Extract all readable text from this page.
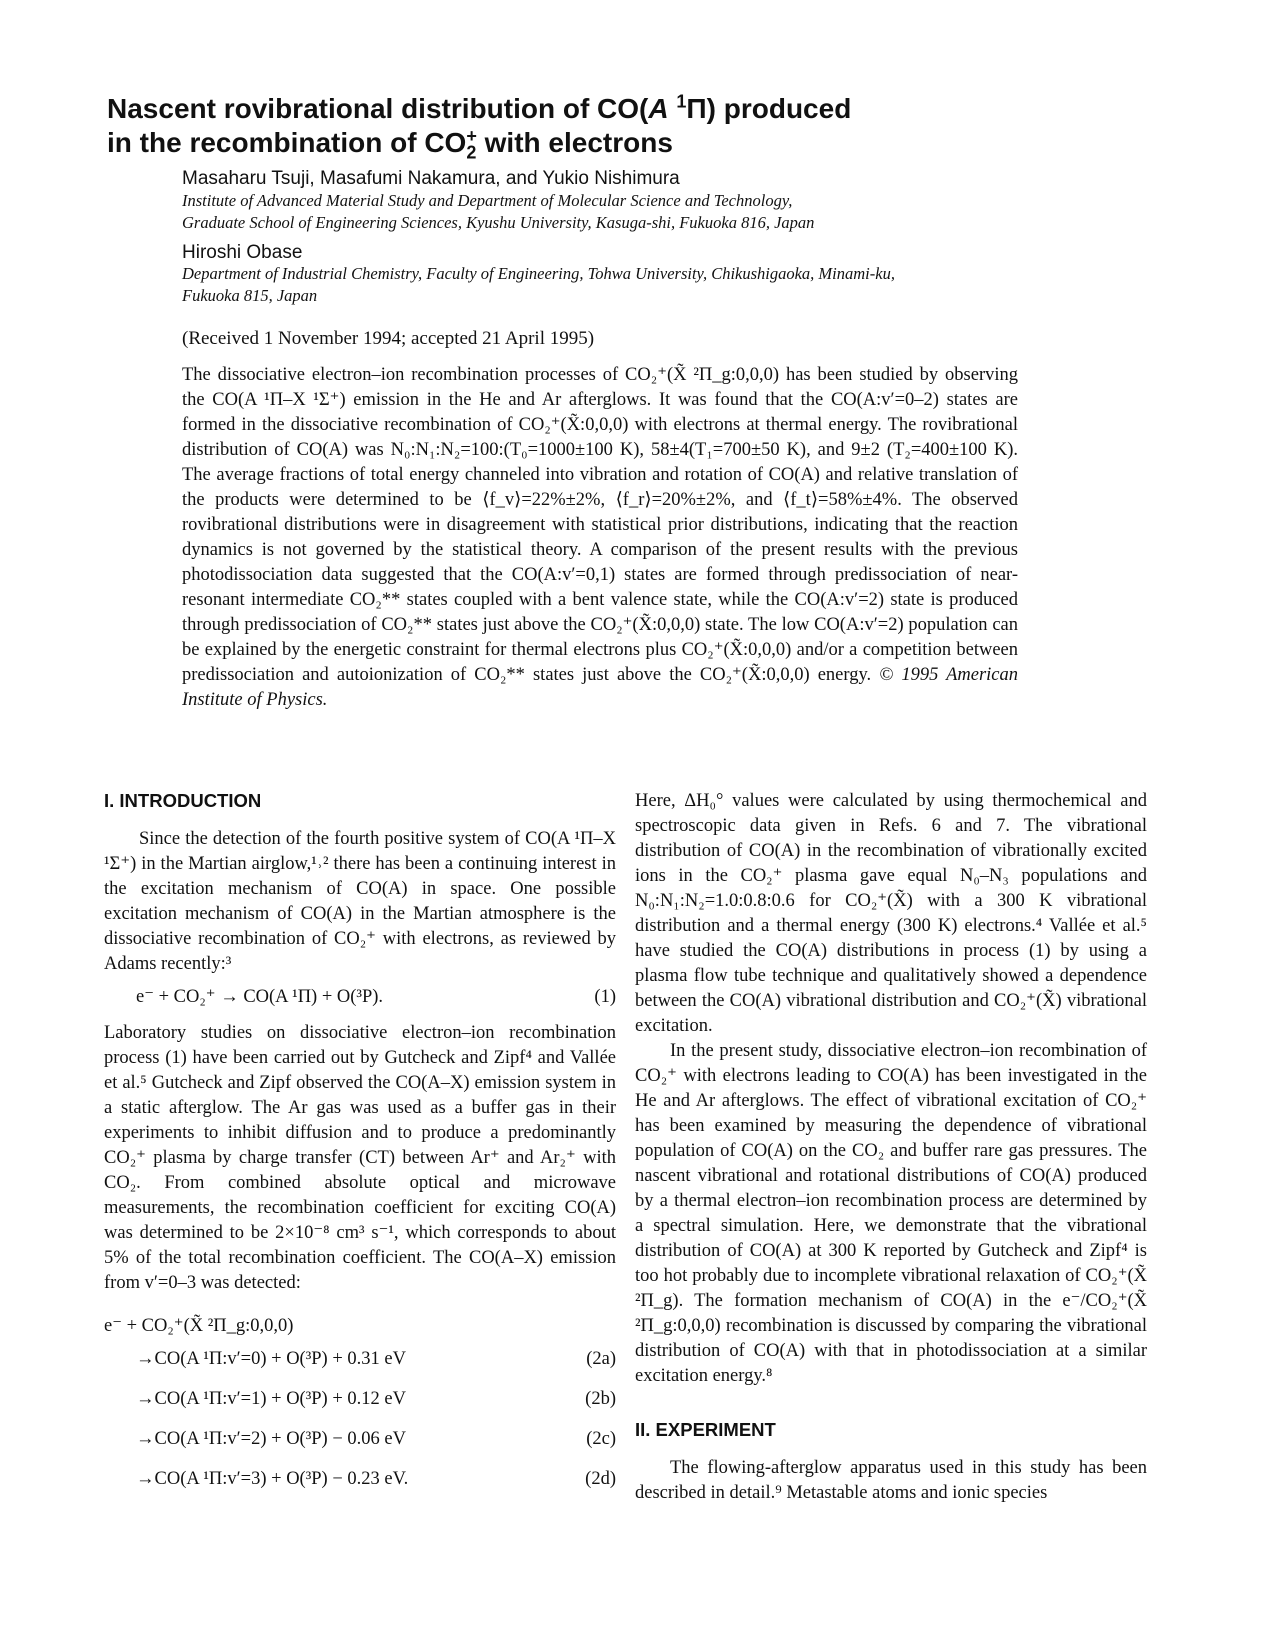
Nascent rovibrational distribution of CO(A $^1$Π) produced
in the recombination of $CO_2^+$ with electrons
Masaharu Tsuji, Masafumi Nakamura, and Yukio Nishimura
Institute of Advanced Material Study and Department of Molecular Science and Technology,
Graduate School of Engineering Sciences, Kyushu University, Kasuga-shi, Fukuoka 816, Japan
Hiroshi Obase
Department of Industrial Chemistry, Faculty of Engineering, Tohwa University, Chikushigaoka, Minami-ku,
Fukuoka 815, Japan
(Received 1 November 1994; accepted 21 April 1995)

The dissociative electron–ion recombination processes of CO₂⁺(X̃ ²Π_g:0,0,0) has been studied by observing the CO(A ¹Π–X ¹Σ⁺) emission in the He and Ar afterglows. It was found that the CO(A:v′=0–2) states are formed in the dissociative recombination of CO₂⁺(X̃:0,0,0) with electrons at thermal energy. The rovibrational distribution of CO(A) was N₀:N₁:N₂=100:(T₀=1000±100 K), 58±4(T₁=700±50 K), and 9±2 (T₂=400±100 K). The average fractions of total energy channeled into vibration and rotation of CO(A) and relative translation of the products were determined to be ⟨f_v⟩=22%±2%, ⟨f_r⟩=20%±2%, and ⟨f_t⟩=58%±4%. The observed rovibrational distributions were in disagreement with statistical prior distributions, indicating that the reaction dynamics is not governed by the statistical theory. A comparison of the present results with the previous photodissociation data suggested that the CO(A:v′=0,1) states are formed through predissociation of near-resonant intermediate CO₂** states coupled with a bent valence state, while the CO(A:v′=2) state is produced through predissociation of CO₂** states just above the CO₂⁺(X̃:0,0,0) state. The low CO(A:v′=2) population can be explained by the energetic constraint for thermal electrons plus CO₂⁺(X̃:0,0,0) and/or a competition between predissociation and autoionization of CO₂** states just above the CO₂⁺(X̃:0,0,0) energy. © 1995 American Institute of Physics.

I. INTRODUCTION

Since the detection of the fourth positive system of CO(A ¹Π–X ¹Σ⁺) in the Martian airglow,¹˒² there has been a continuing interest in the excitation mechanism of CO(A) in space. One possible excitation mechanism of CO(A) in the Martian atmosphere is the dissociative recombination of CO₂⁺ with electrons, as reviewed by Adams recently:³

e⁻ + CO₂⁺ → CO(A ¹Π) + O(³P).	(1)

Laboratory studies on dissociative electron–ion recombination process (1) have been carried out by Gutcheck and Zipf⁴ and Vallée et al.⁵ Gutcheck and Zipf observed the CO(A–X) emission system in a static afterglow. The Ar gas was used as a buffer gas in their experiments to inhibit diffusion and to produce a predominantly CO₂⁺ plasma by charge transfer (CT) between Ar⁺ and Ar₂⁺ with CO₂. From combined absolute optical and microwave measurements, the recombination coefficient for exciting CO(A) was determined to be 2×10⁻⁸ cm³ s⁻¹, which corresponds to about 5% of the total recombination coefficient. The CO(A–X) emission from v′=0–3 was detected:

e⁻ + CO₂⁺(X̃ ²Π_g:0,0,0)
→CO(A ¹Π:v′=0) + O(³P) + 0.31 eV	(2a)
→CO(A ¹Π:v′=1) + O(³P) + 0.12 eV	(2b)
→CO(A ¹Π:v′=2) + O(³P) − 0.06 eV	(2c)
→CO(A ¹Π:v′=3) + O(³P) − 0.23 eV.	(2d)

Here, ΔH₀° values were calculated by using thermochemical and spectroscopic data given in Refs. 6 and 7. The vibrational distribution of CO(A) in the recombination of vibrationally excited ions in the CO₂⁺ plasma gave equal N₀–N₃ populations and N₀:N₁:N₂=1.0:0.8:0.6 for CO₂⁺(X̃) with a 300 K vibrational distribution and a thermal energy (300 K) electrons.⁴ Vallée et al.⁵ have studied the CO(A) distributions in process (1) by using a plasma flow tube technique and qualitatively showed a dependence between the CO(A) vibrational distribution and CO₂⁺(X̃) vibrational excitation.

In the present study, dissociative electron–ion recombination of CO₂⁺ with electrons leading to CO(A) has been investigated in the He and Ar afterglows. The effect of vibrational excitation of CO₂⁺ has been examined by measuring the dependence of vibrational population of CO(A) on the CO₂ and buffer rare gas pressures. The nascent vibrational and rotational distributions of CO(A) produced by a thermal electron–ion recombination process are determined by a spectral simulation. Here, we demonstrate that the vibrational distribution of CO(A) at 300 K reported by Gutcheck and Zipf⁴ is too hot probably due to incomplete vibrational relaxation of CO₂⁺(X̃ ²Π_g). The formation mechanism of CO(A) in the e⁻/CO₂⁺(X̃ ²Π_g:0,0,0) recombination is discussed by comparing the vibrational distribution of CO(A) with that in photodissociation at a similar excitation energy.⁸

II. EXPERIMENT

The flowing-afterglow apparatus used in this study has been described in detail.⁹ Metastable atoms and ionic species
